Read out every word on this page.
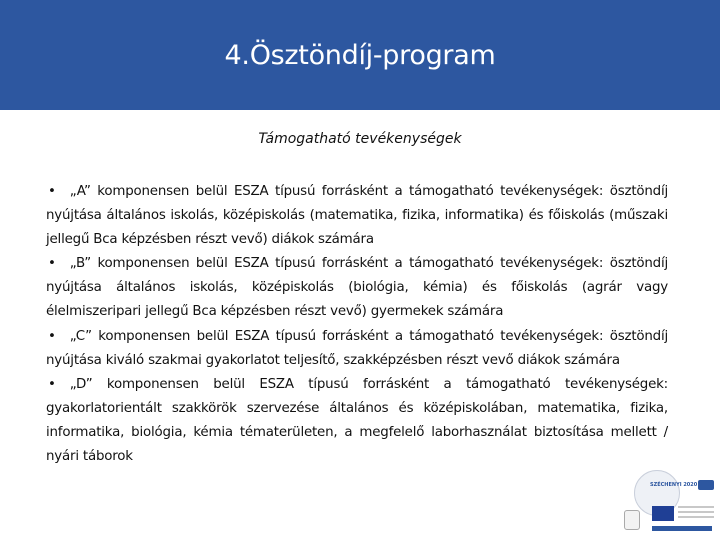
4.Ösztöndíj-program
Támogatható tevékenységek

• „A” komponensen belül ESZA típusú forrásként a támogatható tevékenységek: ösztöndíj nyújtása általános iskolás, középiskolás (matematika, fizika, informatika) és főiskolás (műszaki jellegű Bca képzésben részt vevő) diákok számára

• „B” komponensen belül ESZA típusú forrásként a támogatható tevékenységek: ösztöndíj nyújtása általános iskolás, középiskolás (biológia, kémia) és főiskolás (agrár vagy élelmiszeripari jellegű Bca képzésben részt vevő) gyermekek számára

• „C” komponensen belül ESZA típusú forrásként a támogatható tevékenységek: ösztöndíj nyújtása kiváló szakmai gyakorlatot teljesítő, szakképzésben részt vevő diákok számára

• „D” komponensen belül ESZA típusú forrásként a támogatható tevékenységek: gyakorlatorientált szakkörök szervezése általános és középiskolában, matematika, fizika, informatika, biológia, kémia tématerületen, a megfelelő laborhasználat biztosítása mellett / nyári táborok

SZÉCHENYI 2020
